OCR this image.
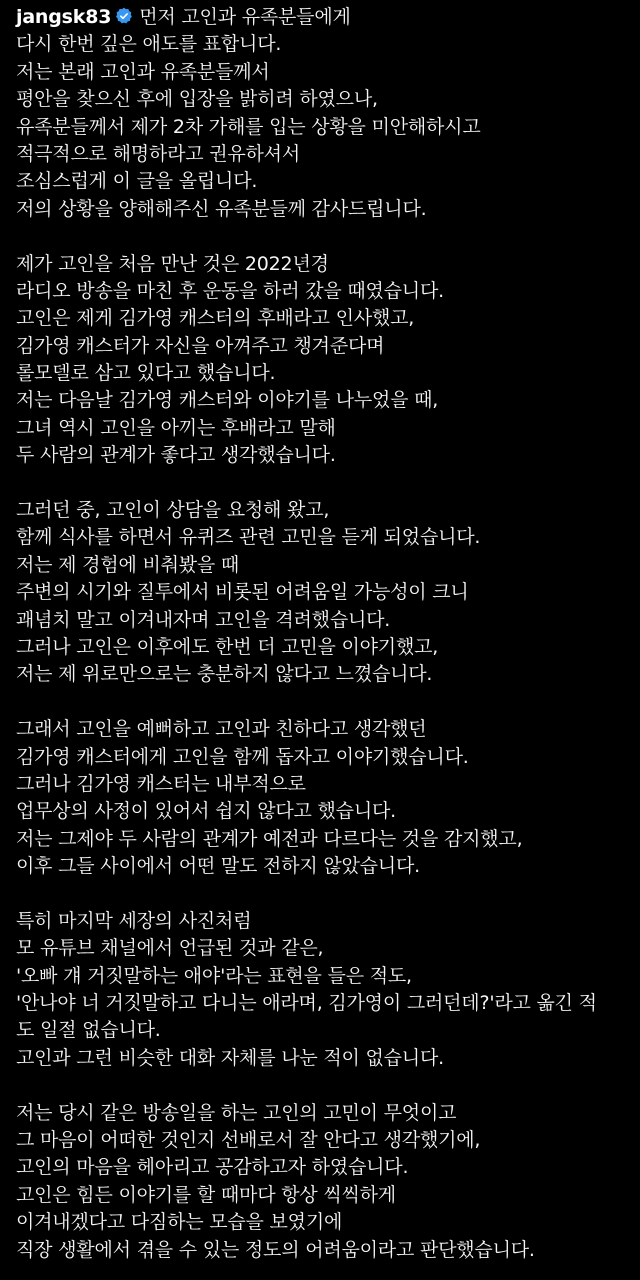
jangsk83 먼저 고인과 유족분들에게
다시 한번 깊은 애도를 표합니다.
저는 본래 고인과 유족분들께서
평안을 찾으신 후에 입장을 밝히려 하였으나,
유족분들께서 제가 2차 가해를 입는 상황을 미안해하시고
적극적으로 해명하라고 권유하셔서
조심스럽게 이 글을 올립니다.
저의 상황을 양해해주신 유족분들께 감사드립니다.
제가 고인을 처음 만난 것은 2022년경
라디오 방송을 마친 후 운동을 하러 갔을 때였습니다.
고인은 제게 김가영 캐스터의 후배라고 인사했고,
김가영 캐스터가 자신을 아껴주고 챙겨준다며
롤모델로 삼고 있다고 했습니다.
저는 다음날 김가영 캐스터와 이야기를 나누었을 때,
그녀 역시 고인을 아끼는 후배라고 말해
두 사람의 관계가 좋다고 생각했습니다.
그러던 중, 고인이 상담을 요청해 왔고,
함께 식사를 하면서 유퀴즈 관련 고민을 듣게 되었습니다.
저는 제 경험에 비춰봤을 때
주변의 시기와 질투에서 비롯된 어려움일 가능성이 크니
괘념치 말고 이겨내자며 고인을 격려했습니다.
그러나 고인은 이후에도 한번 더 고민을 이야기했고,
저는 제 위로만으로는 충분하지 않다고 느꼈습니다.
그래서 고인을 예뻐하고 고인과 친하다고 생각했던
김가영 캐스터에게 고인을 함께 돕자고 이야기했습니다.
그러나 김가영 캐스터는 내부적으로
업무상의 사정이 있어서 쉽지 않다고 했습니다.
저는 그제야 두 사람의 관계가 예전과 다르다는 것을 감지했고,
이후 그들 사이에서 어떤 말도 전하지 않았습니다.
특히 마지막 세장의 사진처럼
모 유튜브 채널에서 언급된 것과 같은,
'오빠 걔 거짓말하는 애야'라는 표현을 들은 적도,
'안나야 너 거짓말하고 다니는 애라며, 김가영이 그러던데?'라고 옮긴 적
도 일절 없습니다.
고인과 그런 비슷한 대화 자체를 나눈 적이 없습니다.
저는 당시 같은 방송일을 하는 고인의 고민이 무엇이고
그 마음이 어떠한 것인지 선배로서 잘 안다고 생각했기에,
고인의 마음을 헤아리고 공감하고자 하였습니다.
고인은 힘든 이야기를 할 때마다 항상 씩씩하게
이겨내겠다고 다짐하는 모습을 보였기에
직장 생활에서 겪을 수 있는 정도의 어려움이라고 판단했습니다.
